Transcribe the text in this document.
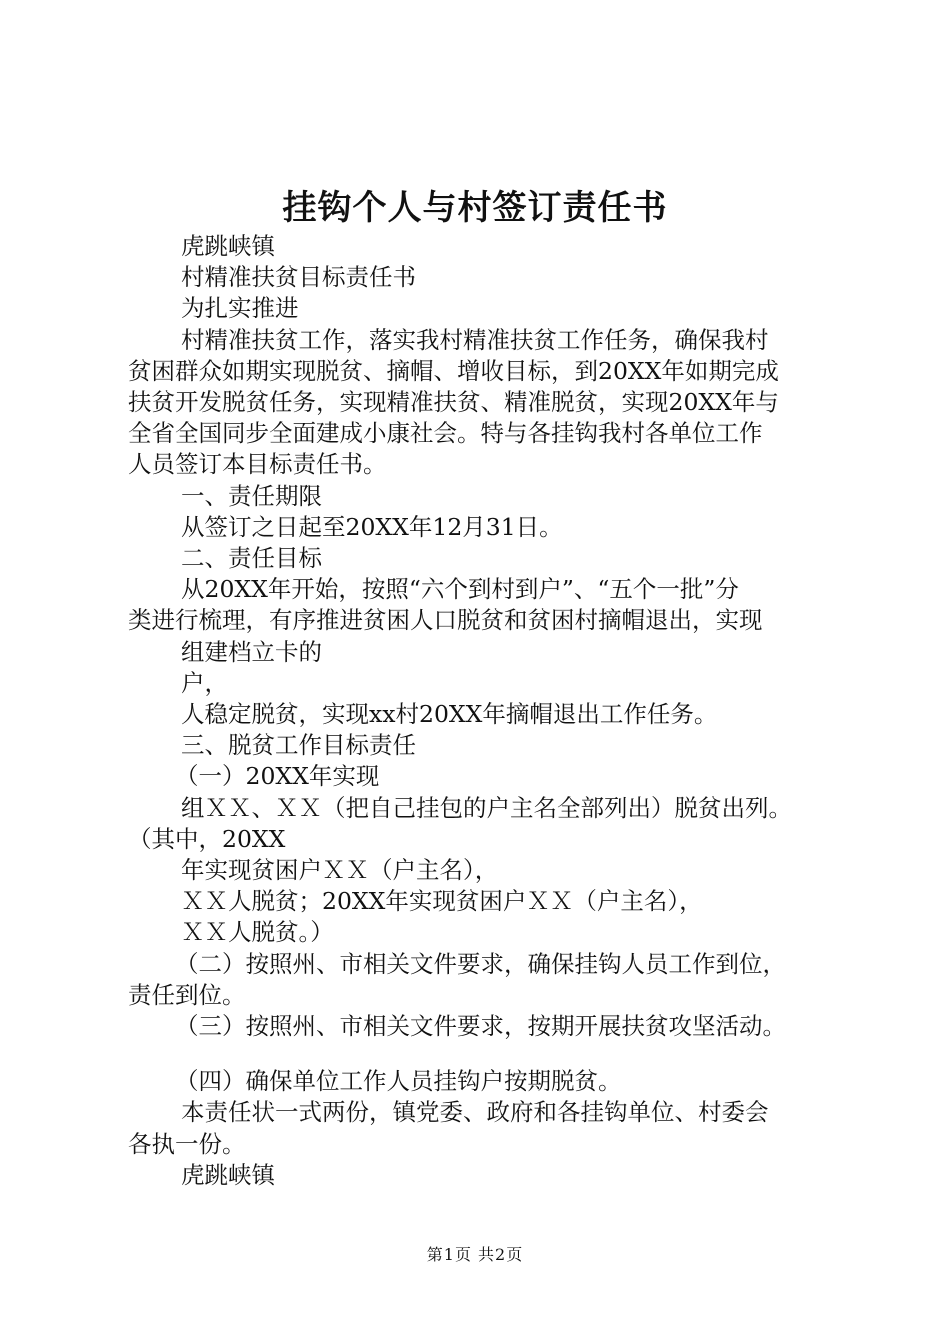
挂钩个人与村签订责任书

虎跳峡镇

村精准扶贫目标责任书

为扎实推进

村精准扶贫工作，落实我村精准扶贫工作任务，确保我村

贫困群众如期实现脱贫、摘帽、增收目标，到20XX年如期完成

扶贫开发脱贫任务，实现精准扶贫、精准脱贫，实现20XX年与

全省全国同步全面建成小康社会。特与各挂钩我村各单位工作

人员签订本目标责任书。

一、责任期限

从签订之日起至20XX年12月31日。

二、责任目标

从20XX年开始，按照“六个到村到户”、“五个一批”分

类进行梳理，有序推进贫困人口脱贫和贫困村摘帽退出，实现

组建档立卡的

户，

人稳定脱贫，实现xx村20XX年摘帽退出工作任务。

三、脱贫工作目标责任

（一）20XX年实现

组ＸＸ、ＸＸ（把自己挂包的户主名全部列出）脱贫出列。

（其中，20XX

年实现贫困户ＸＸ（户主名），

ＸＸ人脱贫；20XX年实现贫困户ＸＸ（户主名），

ＸＸ人脱贫。）

（二）按照州、市相关文件要求，确保挂钩人员工作到位，

责任到位。

（三）按照州、市相关文件要求，按期开展扶贫攻坚活动。

（四）确保单位工作人员挂钩户按期脱贫。

本责任状一式两份，镇党委、政府和各挂钩单位、村委会

各执一份。

虎跳峡镇

第1页 共2页
